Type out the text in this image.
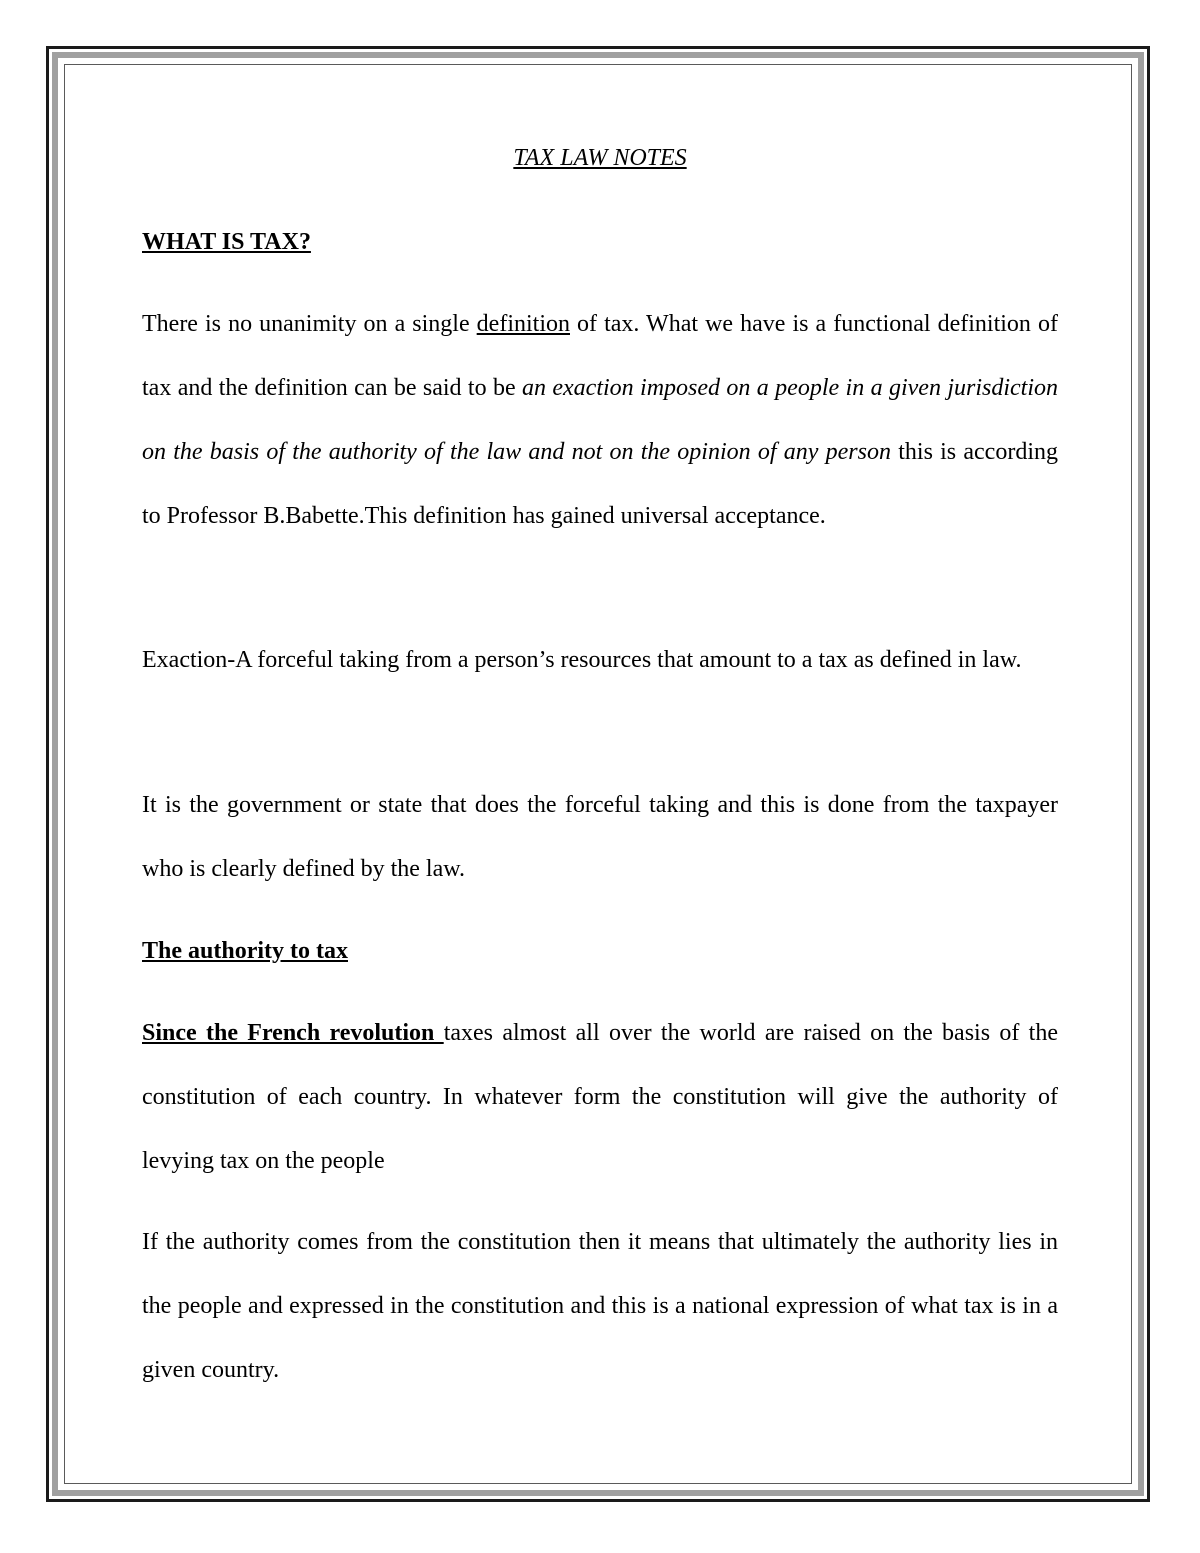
TAX LAW NOTES
WHAT IS TAX?

There is no unanimity on a single definition of tax. What we have is a functional definition of tax and the definition can be said to be an exaction imposed on a people in a given jurisdiction on the basis of the authority of the law and not on the opinion of any person this is according to Professor B.Babette.This definition has gained universal acceptance.

Exaction-A forceful taking from a person’s resources that amount to a tax as defined in law.

It is the government or state that does the forceful taking and this is done from the taxpayer who is clearly defined by the law.

The authority to tax

Since the French revolution taxes almost all over the world are raised on the basis of the constitution of each country. In whatever form the constitution will give the authority of levying tax on the people

If the authority comes from the constitution then it means that ultimately the authority lies in the people and expressed in the constitution and this is a national expression of what tax is in a given country.
